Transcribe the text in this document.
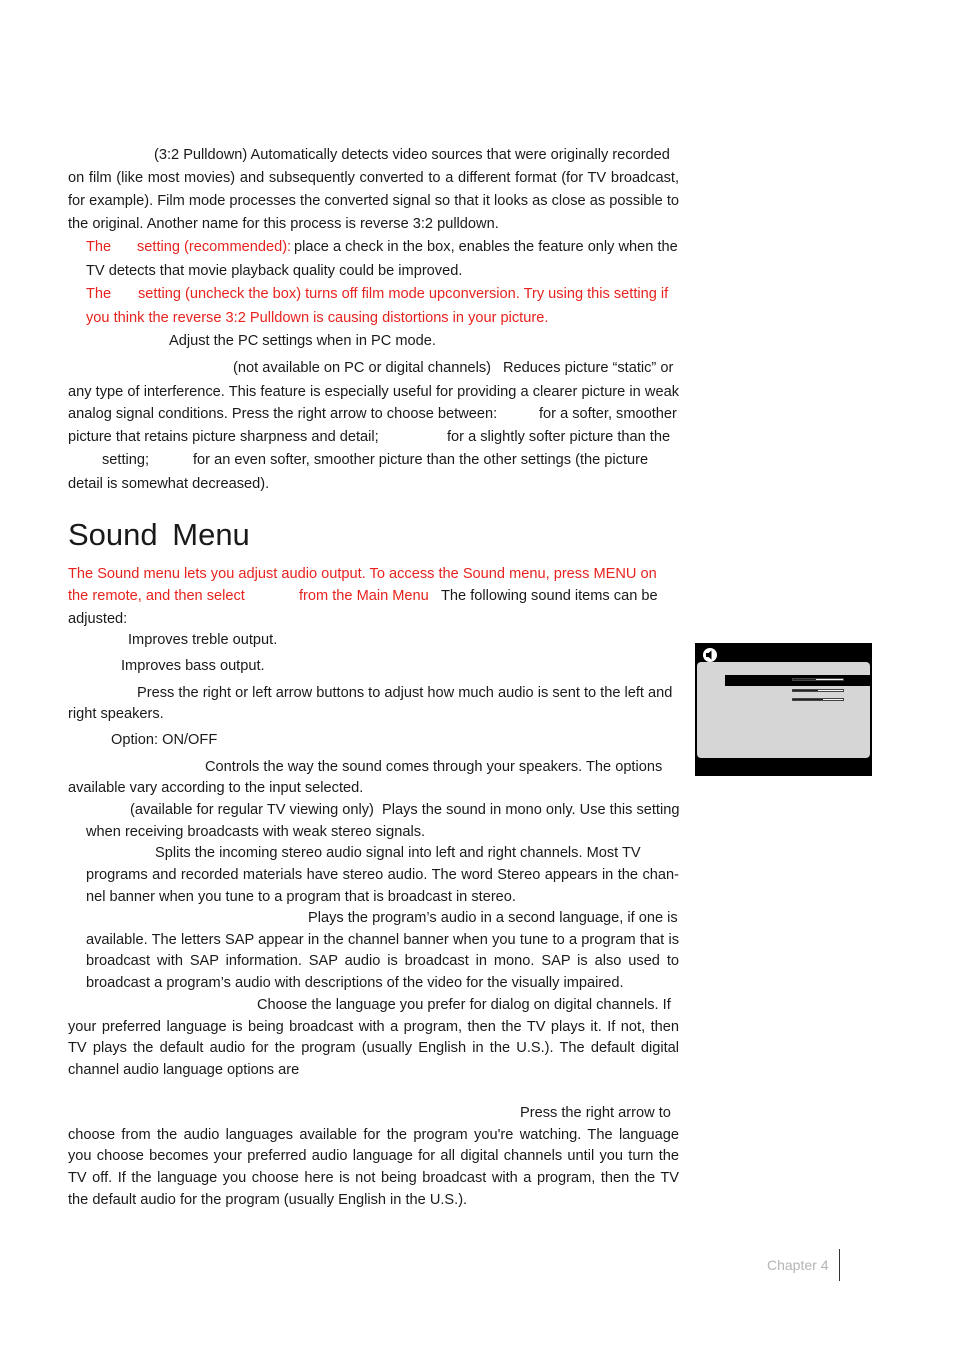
(3:2 Pulldown) Automatically detects video sources that were originally recorded
on film (like most movies) and subsequently converted to a different format (for TV broadcast,
for example). Film mode processes the converted signal so that it looks as close as possible to
the original. Another name for this process is reverse 3:2 pulldown.
The setting (recommended): place a check in the box, enables the feature only when the
TV detects that movie playback quality could be improved.
The setting (uncheck the box) turns off film mode upconversion. Try using this setting if
you think the reverse 3:2 Pulldown is causing distortions in your picture.
Adjust the PC settings when in PC mode.
(not available on PC or digital channels) Reduces picture “static” or
any type of interference. This feature is especially useful for providing a clearer picture in weak
analog signal conditions. Press the right arrow to choose between:	for a softer, smoother
picture that retains picture sharpness and detail;	for a slightly softer picture than the
setting;	for an even softer, smoother picture than the other settings (the picture
detail is somewhat decreased).
Sound Menu
The Sound menu lets you adjust audio output. To access the Sound menu, press MENU on
the remote, and then select	from the Main Menu The following sound items can be
adjusted:
Improves treble output.
Improves bass output.
Press the right or left arrow buttons to adjust how much audio is sent to the left and
right speakers.
Option: ON/OFF
Controls the way the sound comes through your speakers. The options
available vary according to the input selected.
(available for regular TV viewing only) Plays the sound in mono only. Use this setting
when receiving broadcasts with weak stereo signals.
Splits the incoming stereo audio signal into left and right channels. Most TV
programs and recorded materials have stereo audio. The word Stereo appears in the chan-
nel banner when you tune to a program that is broadcast in stereo.
Plays the program’s audio in a second language, if one is
available. The letters SAP appear in the channel banner when you tune to a program that is
broadcast with SAP information. SAP audio is broadcast in mono. SAP is also used to
broadcast a program’s audio with descriptions of the video for the visually impaired.
Choose the language you prefer for dialog on digital channels. If
your preferred language is being broadcast with a program, then the TV plays it. If not, then
TV plays the default audio for the program (usually English in the U.S.). The default digital
channel audio language options are
Press the right arrow to
choose from the audio languages available for the program you're watching. The language
you choose becomes your preferred audio language for all digital channels until you turn the
TV off. If the language you choose here is not being broadcast with a program, then the TV
the default audio for the program (usually English in the U.S.).
Chapter 4
